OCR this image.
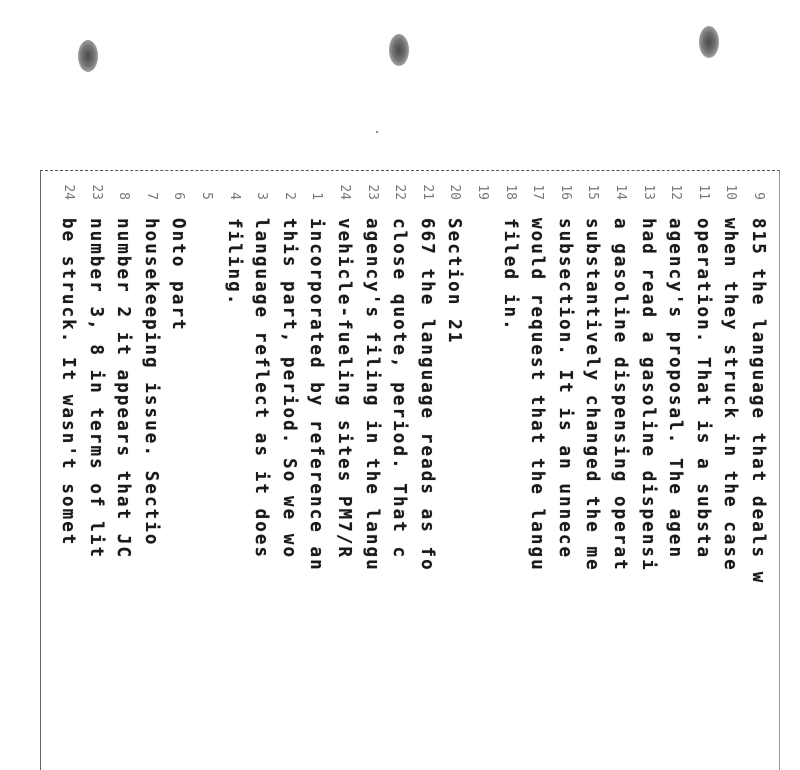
9
815 the language that deals w
10
when they struck in the case
11
operation. That is a substa
12
agency's proposal. The agen
13
had read a gasoline dispensi
14
a gasoline dispensing operat
15
substantively changed the me
16
subsection. It is an unnece
17
would request that the langu
18
filed in.
19
20
Section 21
21
667 the language reads as fo
22
close quote, period. That c
23
agency's filing in the langu
24
vehicle-fueling sites PM7/R
1
incorporated by reference an
2
this part, period. So we wo
3
language reflect as it does
4
filing.
5
6
Onto part
7
housekeeping issue. Sectio
8
number 2 it appears that JC
23
number 3, 8 in terms of lit
24
be struck. It wasn't somet
